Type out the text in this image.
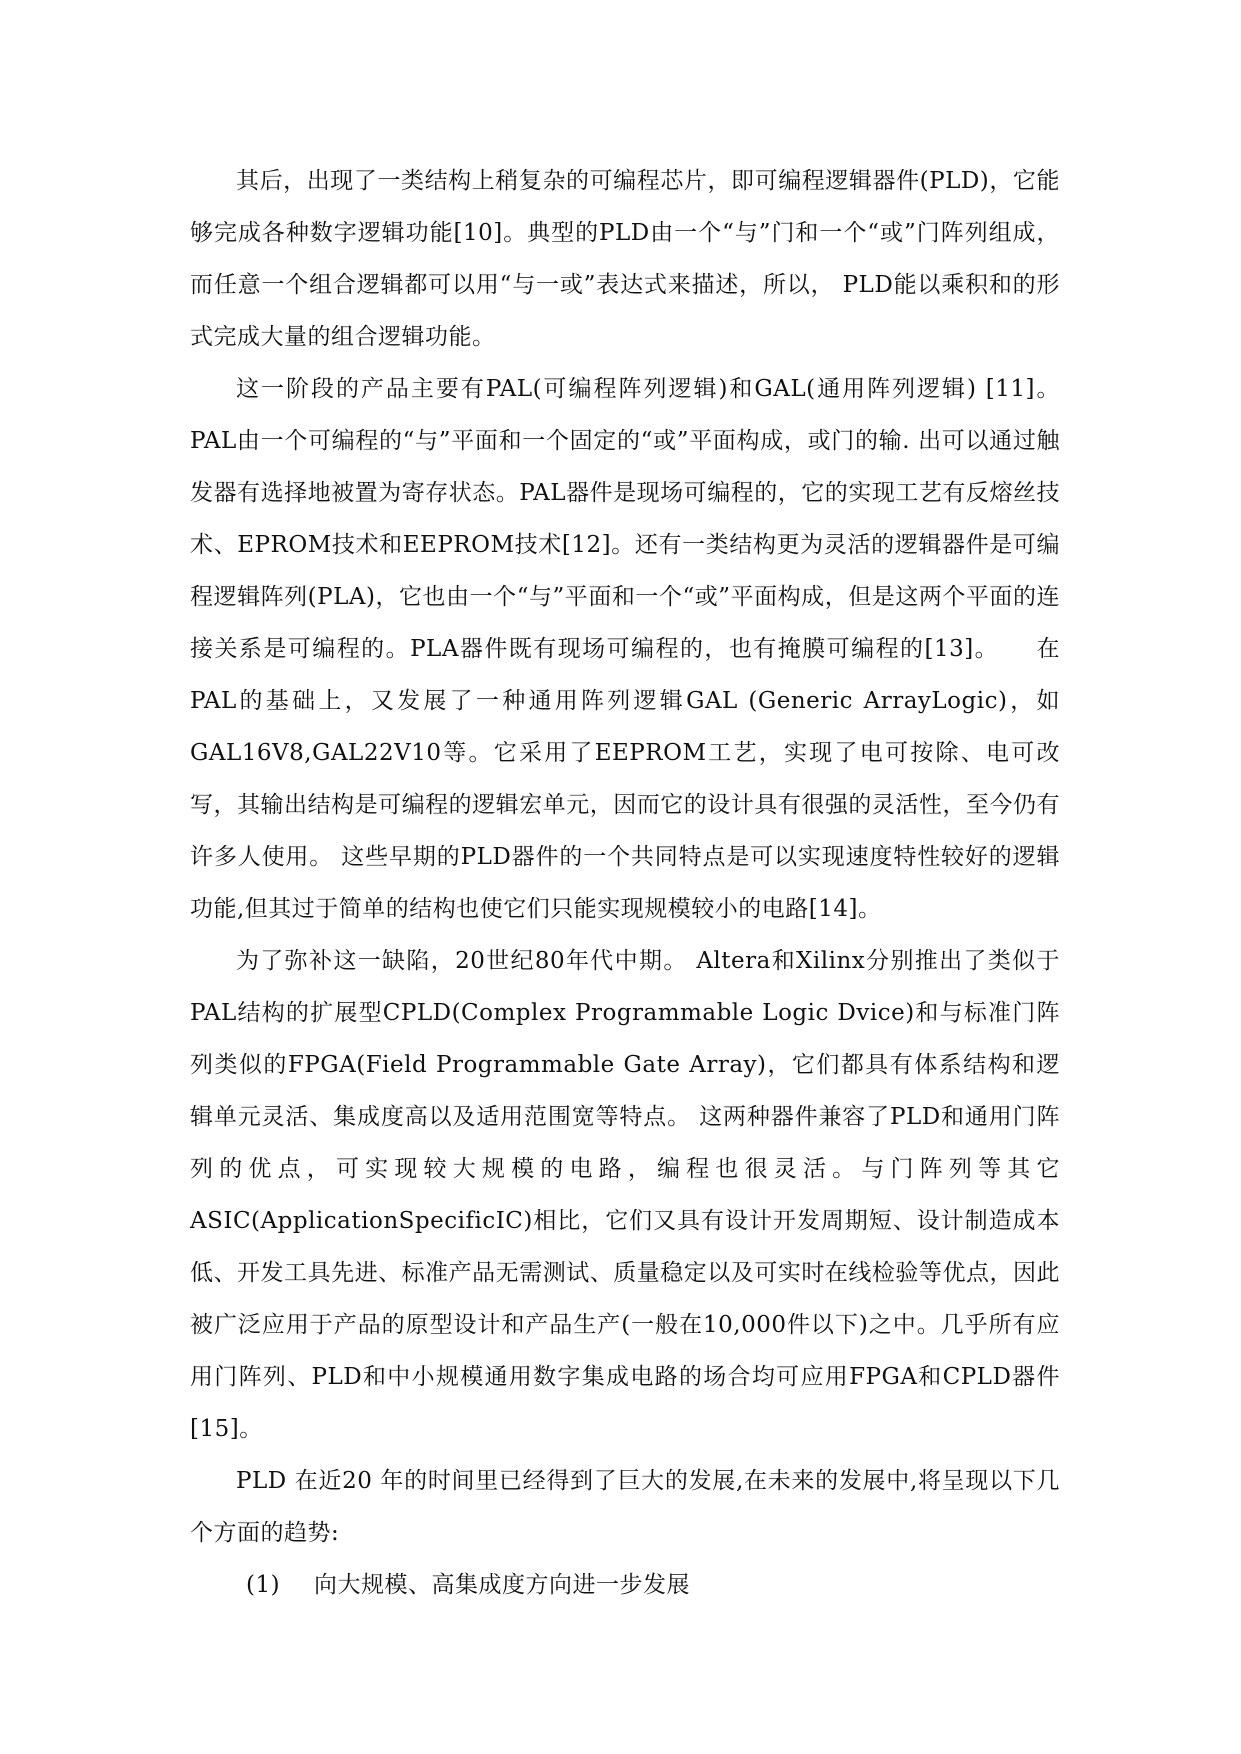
其后，出现了一类结构上稍复杂的可编程芯片，即可编程逻辑器件(PLD)，它能够完成各种数字逻辑功能[10]。典型的PLD由一个“与”门和一个“或”门阵列组成，而任意一个组合逻辑都可以用“与一或”表达式来描述，所以， PLD能以乘积和的形式完成大量的组合逻辑功能。

这一阶段的产品主要有PAL(可编程阵列逻辑)和GAL(通用阵列逻辑) [11]。PAL由一个可编程的“与”平面和一个固定的“或”平面构成，或门的输. 出可以通过触发器有选择地被置为寄存状态。PAL器件是现场可编程的，它的实现工艺有反熔丝技术、EPROM技术和EEPROM技术[12]。还有一类结构更为灵活的逻辑器件是可编程逻辑阵列(PLA)，它也由一个“与”平面和一个“或”平面构成，但是这两个平面的连接关系是可编程的。PLA器件既有现场可编程的，也有掩膜可编程的[13]。　　在PAL的基础上，又发展了一种通用阵列逻辑GAL (Generic ArrayLogic)，如GAL16V8,GAL22V10等。它采用了EEPROM工艺，实现了电可按除、电可改写，其输出结构是可编程的逻辑宏单元，因而它的设计具有很强的灵活性，至今仍有许多人使用。 这些早期的PLD器件的一个共同特点是可以实现速度特性较好的逻辑功能,但其过于简单的结构也使它们只能实现规模较小的电路[14]。

为了弥补这一缺陷，20世纪80年代中期。 Altera和Xilinx分别推出了类似于PAL结构的扩展型CPLD(Complex Programmable Logic Dvice)和与标准门阵列类似的FPGA(Field Programmable Gate Array)，它们都具有体系结构和逻辑单元灵活、集成度高以及适用范围宽等特点。 这两种器件兼容了PLD和通用门阵列的优点，可实现较大规模的电路，编程也很灵活。与门阵列等其它ASIC(ApplicationSpecificIC)相比，它们又具有设计开发周期短、设计制造成本低、开发工具先进、标准产品无需测试、质量稳定以及可实时在线检验等优点，因此被广泛应用于产品的原型设计和产品生产(一般在10,000件以下)之中。几乎所有应用门阵列、PLD和中小规模通用数字集成电路的场合均可应用FPGA和CPLD器件[15]。

PLD 在近20 年的时间里已经得到了巨大的发展,在未来的发展中,将呈现以下几个方面的趋势:

(1) 向大规模、高集成度方向进一步发展
